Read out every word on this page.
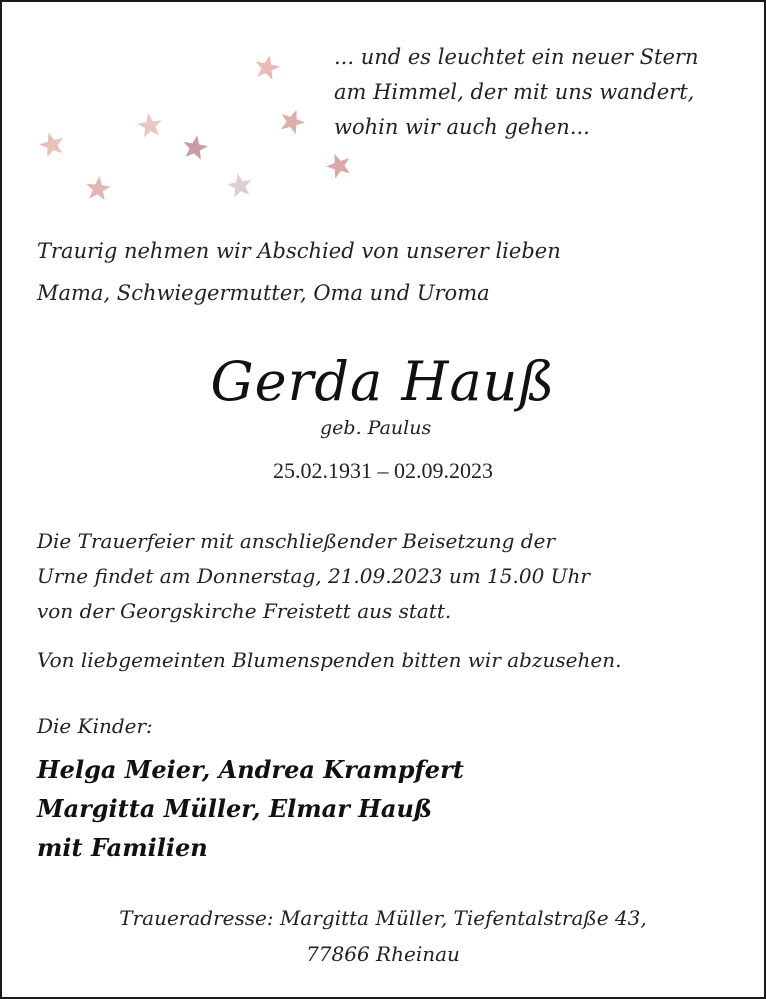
... und es leuchtet ein neuer Stern
am Himmel, der mit uns wandert,
wohin wir auch gehen...
Traurig nehmen wir Abschied von unserer lieben
Mama, Schwiegermutter, Oma und Uroma
Gerda Hauß
geb. Paulus
25.02.1931 – 02.09.2023
Die Trauerfeier mit anschließender Beisetzung der
Urne findet am Donnerstag, 21.09.2023 um 15.00 Uhr
von der Georgskirche Freistett aus statt.
Von liebgemeinten Blumenspenden bitten wir abzusehen.
Die Kinder:
Helga Meier, Andrea Krampfert
Margitta Müller, Elmar Hauß
mit Familien
Traueradresse: Margitta Müller, Tiefentalstraße 43,
77866 Rheinau
